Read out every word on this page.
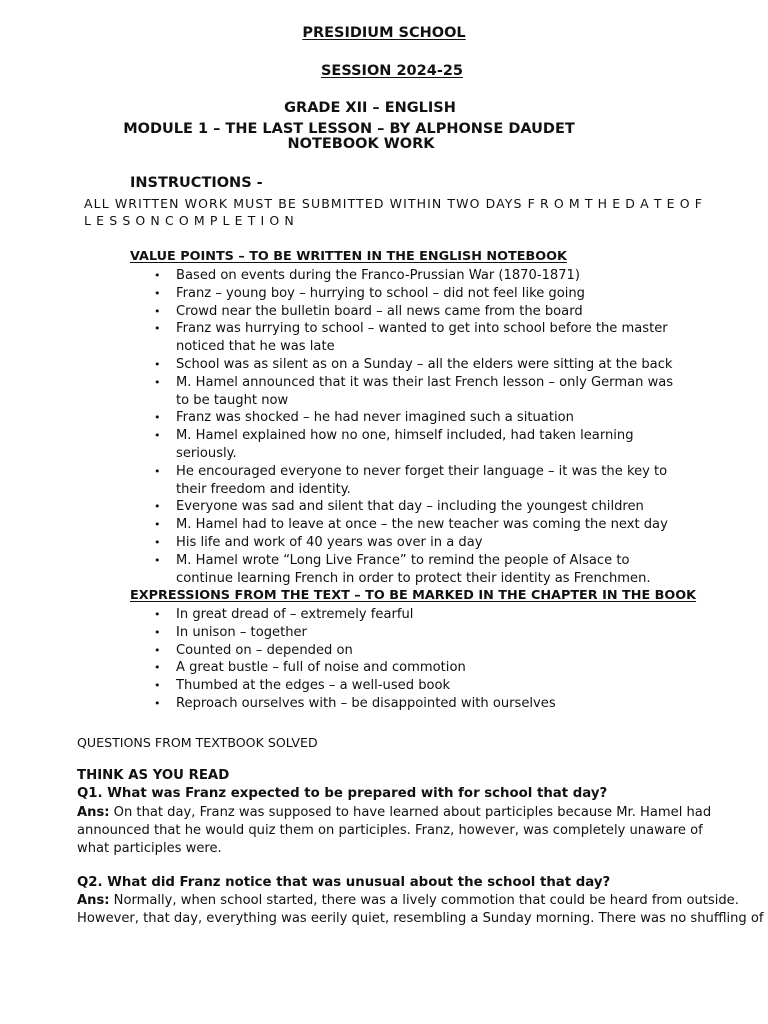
PRESIDIUM SCHOOL
SESSION 2024-25
GRADE XII – ENGLISH
MODULE 1 – THE LAST LESSON – BY ALPHONSE DAUDET
NOTEBOOK WORK
INSTRUCTIONS -
ALL WRITTEN WORK MUST BE SUBMITTED WITHIN TWO DAYS F R O M T H E D A T E O F
L E S S O N C O M P L E T I O N
VALUE POINTS – TO BE WRITTEN IN THE ENGLISH NOTEBOOK
• Based on events during the Franco-Prussian War (1870-1871)
• Franz – young boy – hurrying to school – did not feel like going
• Crowd near the bulletin board – all news came from the board
• Franz was hurrying to school – wanted to get into school before the master noticed that he was late
• School was as silent as on a Sunday – all the elders were sitting at the back
• M. Hamel announced that it was their last French lesson – only German was to be taught now
• Franz was shocked – he had never imagined such a situation
• M. Hamel explained how no one, himself included, had taken learning seriously.
• He encouraged everyone to never forget their language – it was the key to their freedom and identity.
• Everyone was sad and silent that day – including the youngest children
• M. Hamel had to leave at once – the new teacher was coming the next day
• His life and work of 40 years was over in a day
• M. Hamel wrote “Long Live France” to remind the people of Alsace to continue learning French in order to protect their identity as Frenchmen.
EXPRESSIONS FROM THE TEXT – TO BE MARKED IN THE CHAPTER IN THE BOOK
• In great dread of – extremely fearful
• In unison – together
• Counted on – depended on
• A great bustle – full of noise and commotion
• Thumbed at the edges – a well-used book
• Reproach ourselves with – be disappointed with ourselves
QUESTIONS FROM TEXTBOOK SOLVED
THINK AS YOU READ
Q1. What was Franz expected to be prepared with for school that day?
Ans: On that day, Franz was supposed to have learned about participles because Mr. Hamel had announced that he would quiz them on participles. Franz, however, was completely unaware of what participles were.
Q2. What did Franz notice that was unusual about the school that day?
Ans: Normally, when school started, there was a lively commotion that could be heard from outside.
However, that day, everything was eerily quiet, resembling a Sunday morning. There was no shuffling of
